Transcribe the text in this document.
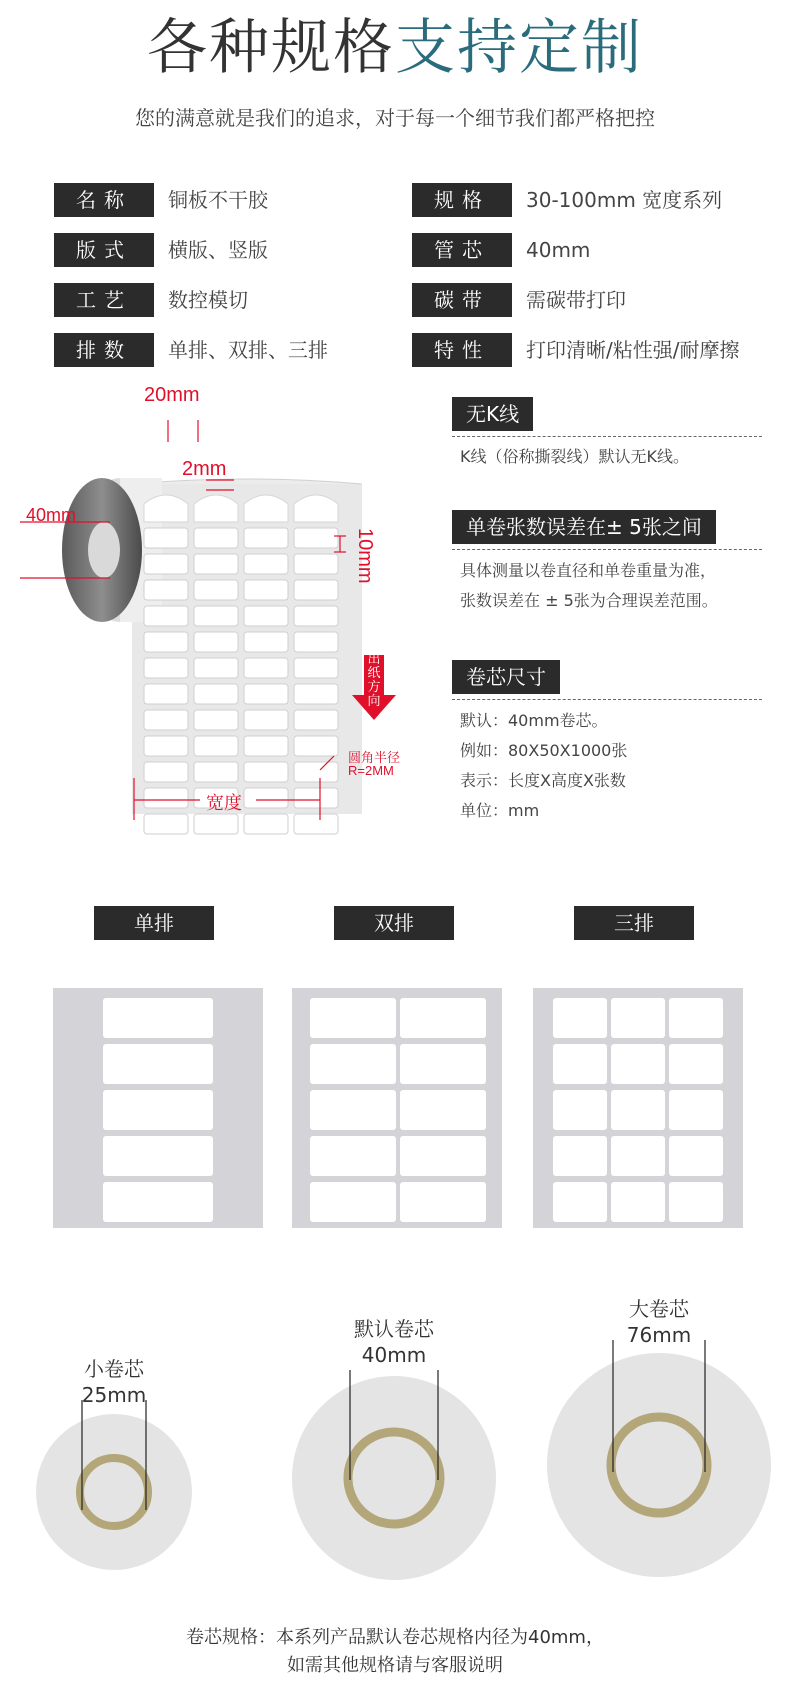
各种规格支持定制
您的满意就是我们的追求，对于每一个细节我们都严格把控
名称	铜板不干胶
版式	横版、竖版
工艺	数控模切
排数	单排、双排、三排
规格	30-100mm 宽度系列
管芯	40mm
碳带	需碳带打印
特性	打印清晰/粘性强/耐摩擦
20mm
2mm
40mm
10mm
出纸方向
圆角半径
R=2MM
宽度
无K线
K线（俗称撕裂线）默认无K线。
单卷张数误差在± 5张之间
具体测量以卷直径和单卷重量为准，
张数误差在 ± 5张为合理误差范围。
卷芯尺寸
默认：40mm卷芯。
例如：80X50X1000张
表示：长度X高度X张数
单位：mm
单排	双排	三排
小卷芯
25mm
默认卷芯
40mm
大卷芯
76mm
卷芯规格：本系列产品默认卷芯规格内径为40mm，
如需其他规格请与客服说明
